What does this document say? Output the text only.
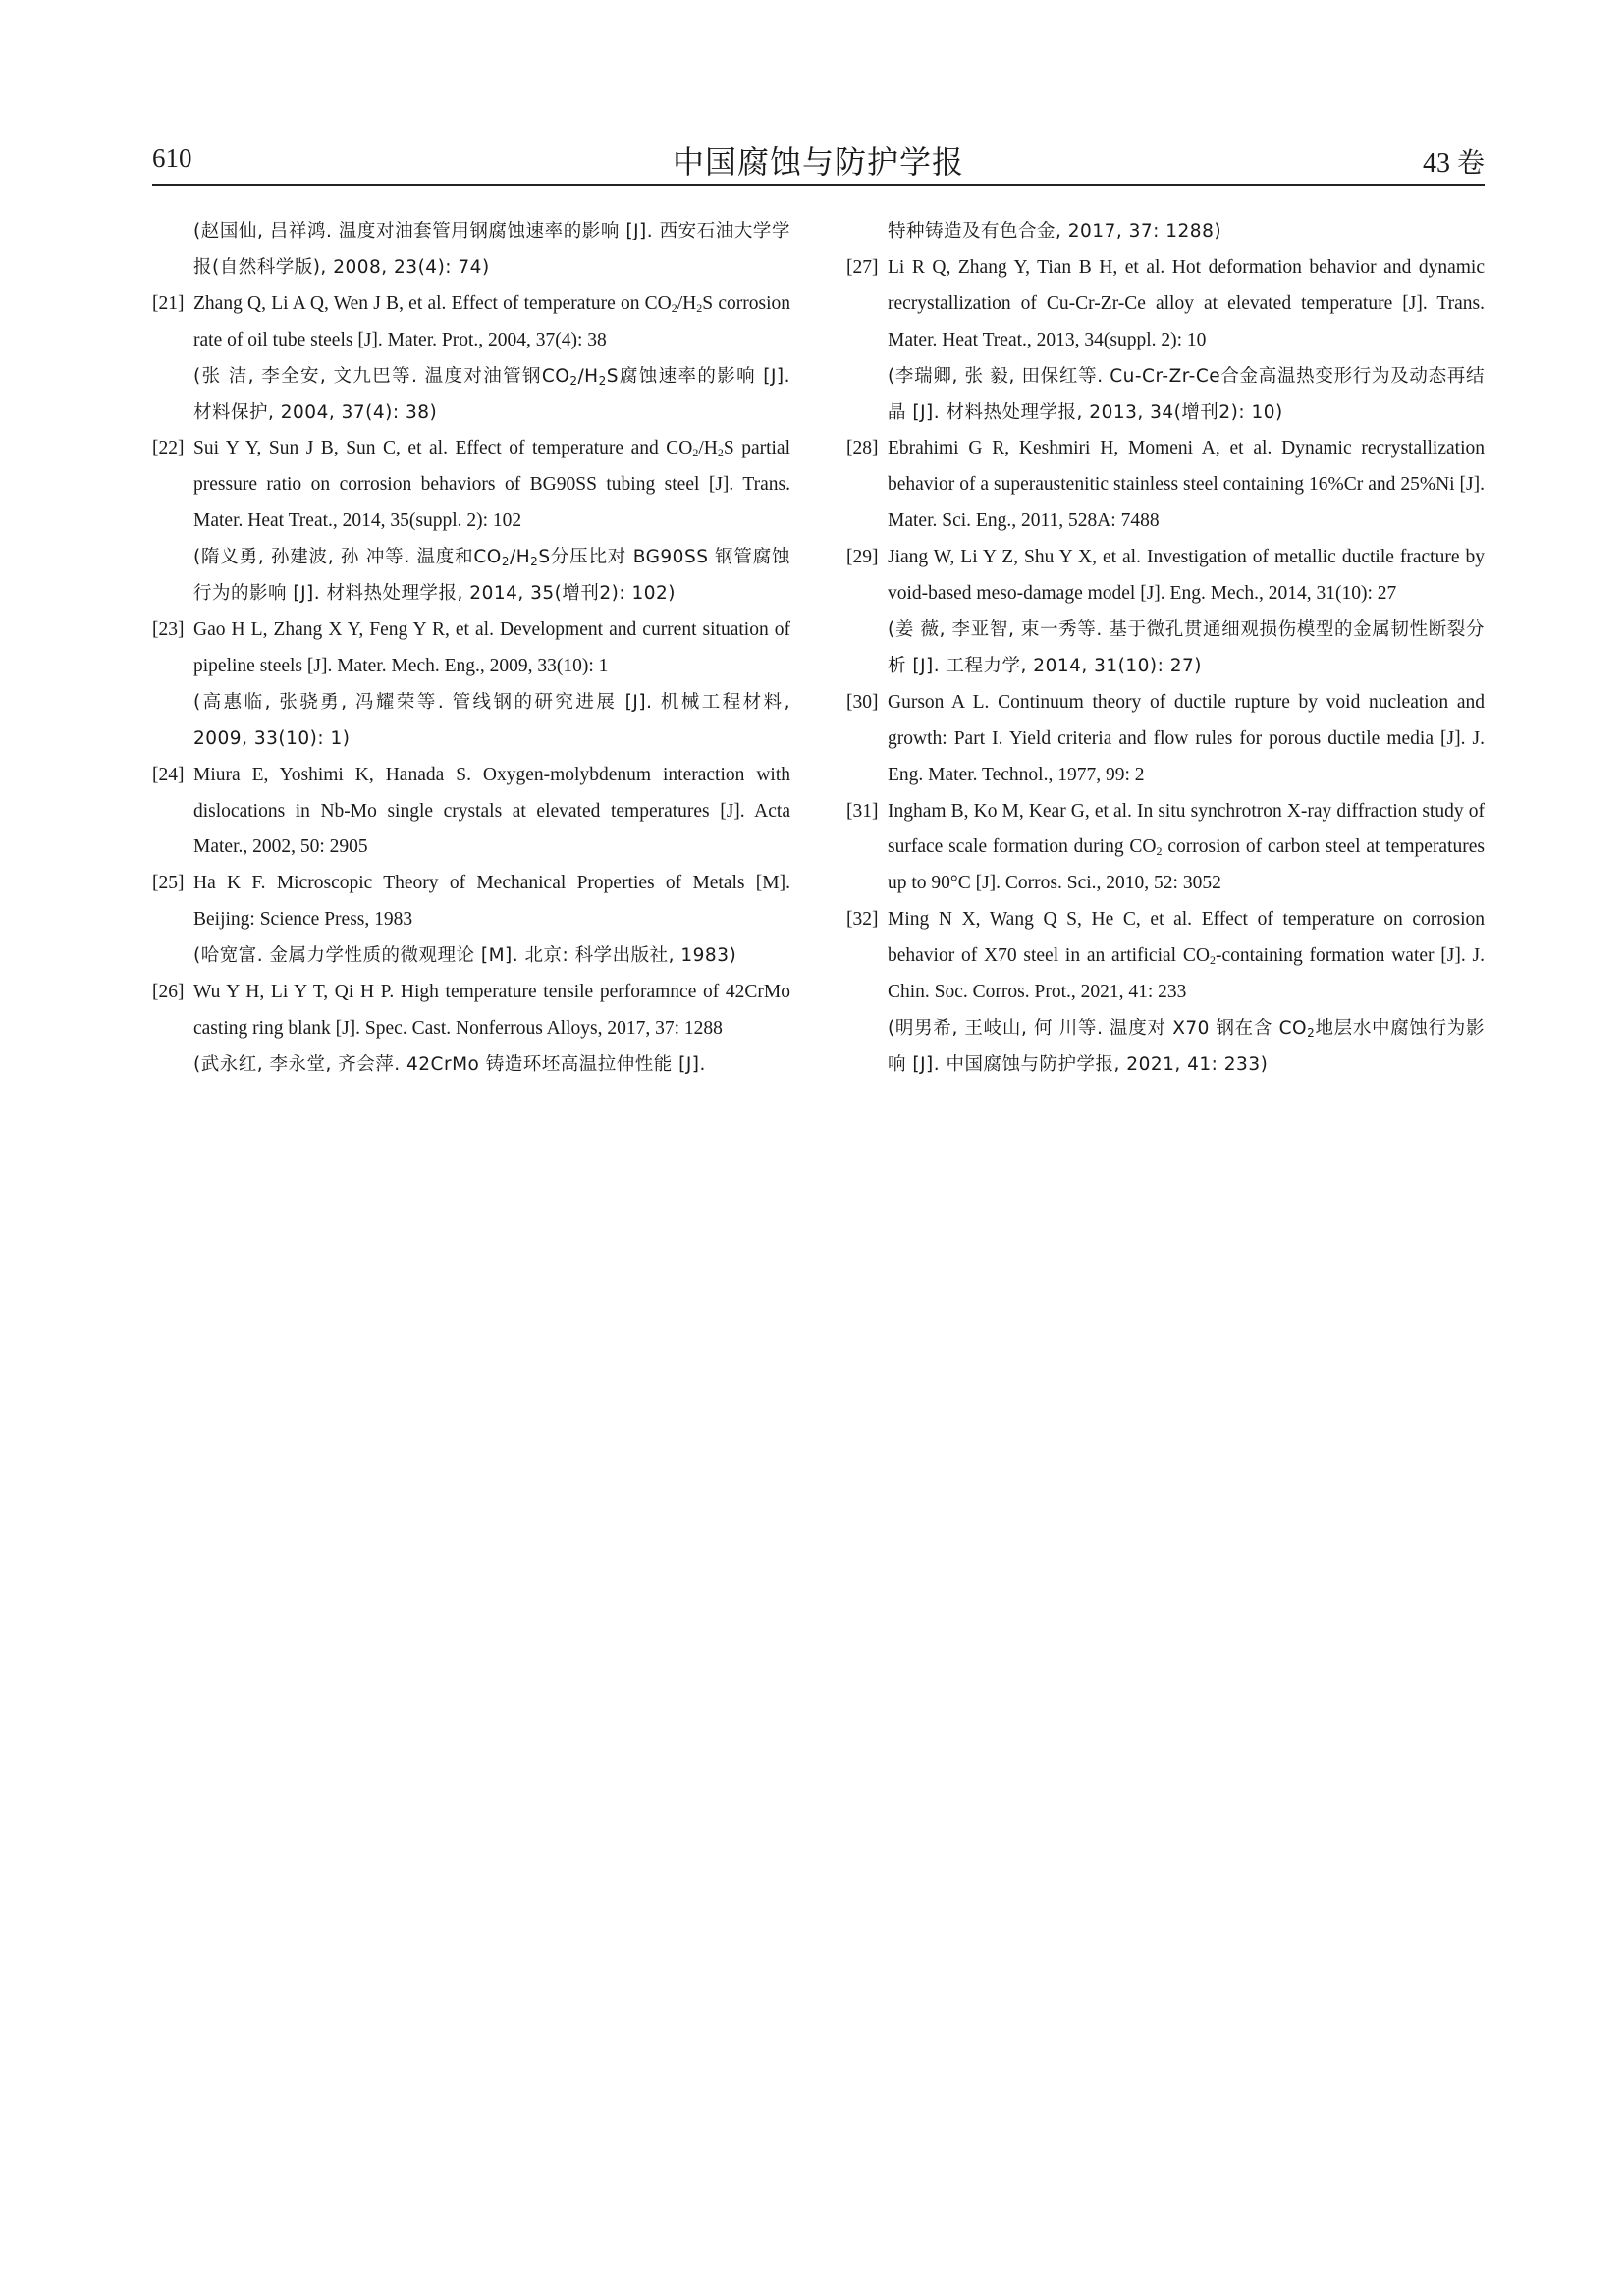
610	中国腐蚀与防护学报	43 卷
(赵国仙, 吕祥鸿. 温度对油套管用钢腐蚀速率的影响 [J]. 西安石油大学学报(自然科学版), 2008, 23(4): 74)
[21] Zhang Q, Li A Q, Wen J B, et al. Effect of temperature on $CO_2/H_2S$ corrosion rate of oil tube steels [J]. Mater. Prot., 2004, 37(4): 38
(张 洁, 李全安, 文九巴等. 温度对油管钢$CO_2/H_2S$腐蚀速率的影响 [J]. 材料保护, 2004, 37(4): 38)
[22] Sui Y Y, Sun J B, Sun C, et al. Effect of temperature and $CO_2/H_2S$ partial pressure ratio on corrosion behaviors of BG90SS tubing steel [J]. Trans. Mater. Heat Treat., 2014, 35(suppl. 2): 102
(隋义勇, 孙建波, 孙 冲等. 温度和$CO_2/H_2S$分压比对 BG90SS 钢管腐蚀行为的影响 [J]. 材料热处理学报, 2014, 35(增刊2): 102)
[23] Gao H L, Zhang X Y, Feng Y R, et al. Development and current situation of pipeline steels [J]. Mater. Mech. Eng., 2009, 33(10): 1
(高惠临, 张骁勇, 冯耀荣等. 管线钢的研究进展 [J]. 机械工程材料, 2009, 33(10): 1)
[24] Miura E, Yoshimi K, Hanada S. Oxygen-molybdenum interaction with dislocations in Nb-Mo single crystals at elevated temperatures [J]. Acta Mater., 2002, 50: 2905
[25] Ha K F. Microscopic Theory of Mechanical Properties of Metals [M]. Beijing: Science Press, 1983
(哈宽富. 金属力学性质的微观理论 [M]. 北京: 科学出版社, 1983)
[26] Wu Y H, Li Y T, Qi H P. High temperature tensile perforamnce of 42CrMo casting ring blank [J]. Spec. Cast. Nonferrous Alloys, 2017, 37: 1288
(武永红, 李永堂, 齐会萍. 42CrMo 铸造环坯高温拉伸性能 [J].
特种铸造及有色合金, 2017, 37: 1288)
[27] Li R Q, Zhang Y, Tian B H, et al. Hot deformation behavior and dynamic recrystallization of Cu-Cr-Zr-Ce alloy at elevated temperature [J]. Trans. Mater. Heat Treat., 2013, 34(suppl. 2): 10
(李瑞卿, 张 毅, 田保红等. Cu-Cr-Zr-Ce合金高温热变形行为及动态再结晶 [J]. 材料热处理学报, 2013, 34(增刊2): 10)
[28] Ebrahimi G R, Keshmiri H, Momeni A, et al. Dynamic recrystallization behavior of a superaustenitic stainless steel containing 16%Cr and 25%Ni [J]. Mater. Sci. Eng., 2011, 528A: 7488
[29] Jiang W, Li Y Z, Shu Y X, et al. Investigation of metallic ductile fracture by void-based meso-damage model [J]. Eng. Mech., 2014, 31(10): 27
(姜 薇, 李亚智, 束一秀等. 基于微孔贯通细观损伤模型的金属韧性断裂分析 [J]. 工程力学, 2014, 31(10): 27)
[30] Gurson A L. Continuum theory of ductile rupture by void nucleation and growth: Part I. Yield criteria and flow rules for porous ductile media [J]. J. Eng. Mater. Technol., 1977, 99: 2
[31] Ingham B, Ko M, Kear G, et al. In situ synchrotron X-ray diffraction study of surface scale formation during $CO_2$ corrosion of carbon steel at temperatures up to 90°C [J]. Corros. Sci., 2010, 52: 3052
[32] Ming N X, Wang Q S, He C, et al. Effect of temperature on corrosion behavior of X70 steel in an artificial $CO_2$-containing formation water [J]. J. Chin. Soc. Corros. Prot., 2021, 41: 233
(明男希, 王岐山, 何 川等. 温度对 X70 钢在含 $CO_2$地层水中腐蚀行为影响 [J]. 中国腐蚀与防护学报, 2021, 41: 233)
